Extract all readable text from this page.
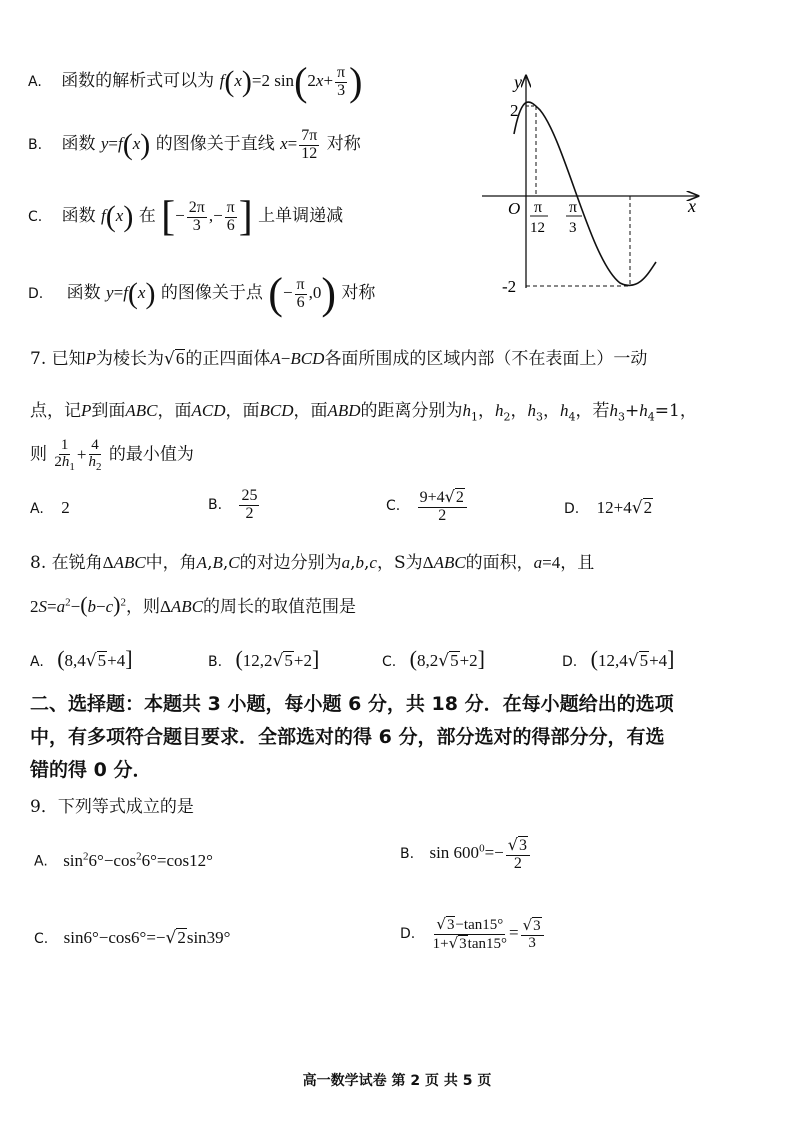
A. 函数的解析式可以为 f(x)=2 $\sin(2x+ \frac{\pi}{3}$ )
B. 函数 y=f(x) 的图像关于直线 $x= \frac{7\pi}{12}$ 对称
C. 函数 f(x) 在 [− $\frac{2\pi}{3}$ ,− $\frac{\pi}{6}$ ] 上单调递减
D. 函数 y=f(x) 的图像关于点 (− $\frac{\pi}{6} ,0$) 对称
y
x
O
2
-2
π
12
π
3
7. 已知P为棱长为√6的正四面体A−BCD各面所围成的区域内部（不在表面上）一动
点，记P到面ABC，面ACD，面BCD，面ABD的距离分别为$h_1$，$h_2$，$h_3$，$h_4$，若$h_3+h_4=1$，
则 $\frac{1}{2h_1} + \frac{4}{h_2}$ 的最小值为
A. 2	B. $\frac{25}{2}$	C. $\frac{9+4√2}{2}$	D. 12+4√2
8. 在锐角ΔABC中，角A,B,C的对边分别为a,b,c，S为ΔABC的面积，a=4，且
$2S=a^2-(b-c)^2$，则ΔABC的周长的取值范围是
A. (8,4√5+4]	B. (12,2√5+2]	C. (8,2√5+2]	D. (12,4√5+4]
二、选择题：本题共 3 小题，每小题 6 分，共 18 分．在每小题给出的选项
中，有多项符合题目要求．全部选对的得 6 分，部分选对的得部分分，有选
错的得 0 分．
9．下列等式成立的是
A. $\sin^26^\circ-\cos^26^\circ=\cos 12^\circ$	B. $\sin 600^0=- \frac{√3}{2}$
C. sin6°−cos6°=−√2sin39°	D. $\frac{√3-\tan 15^\circ}{1+√3\tan 15^\circ} = \frac{√3}{3}$
高一数学试卷 第 2 页 共 5 页
